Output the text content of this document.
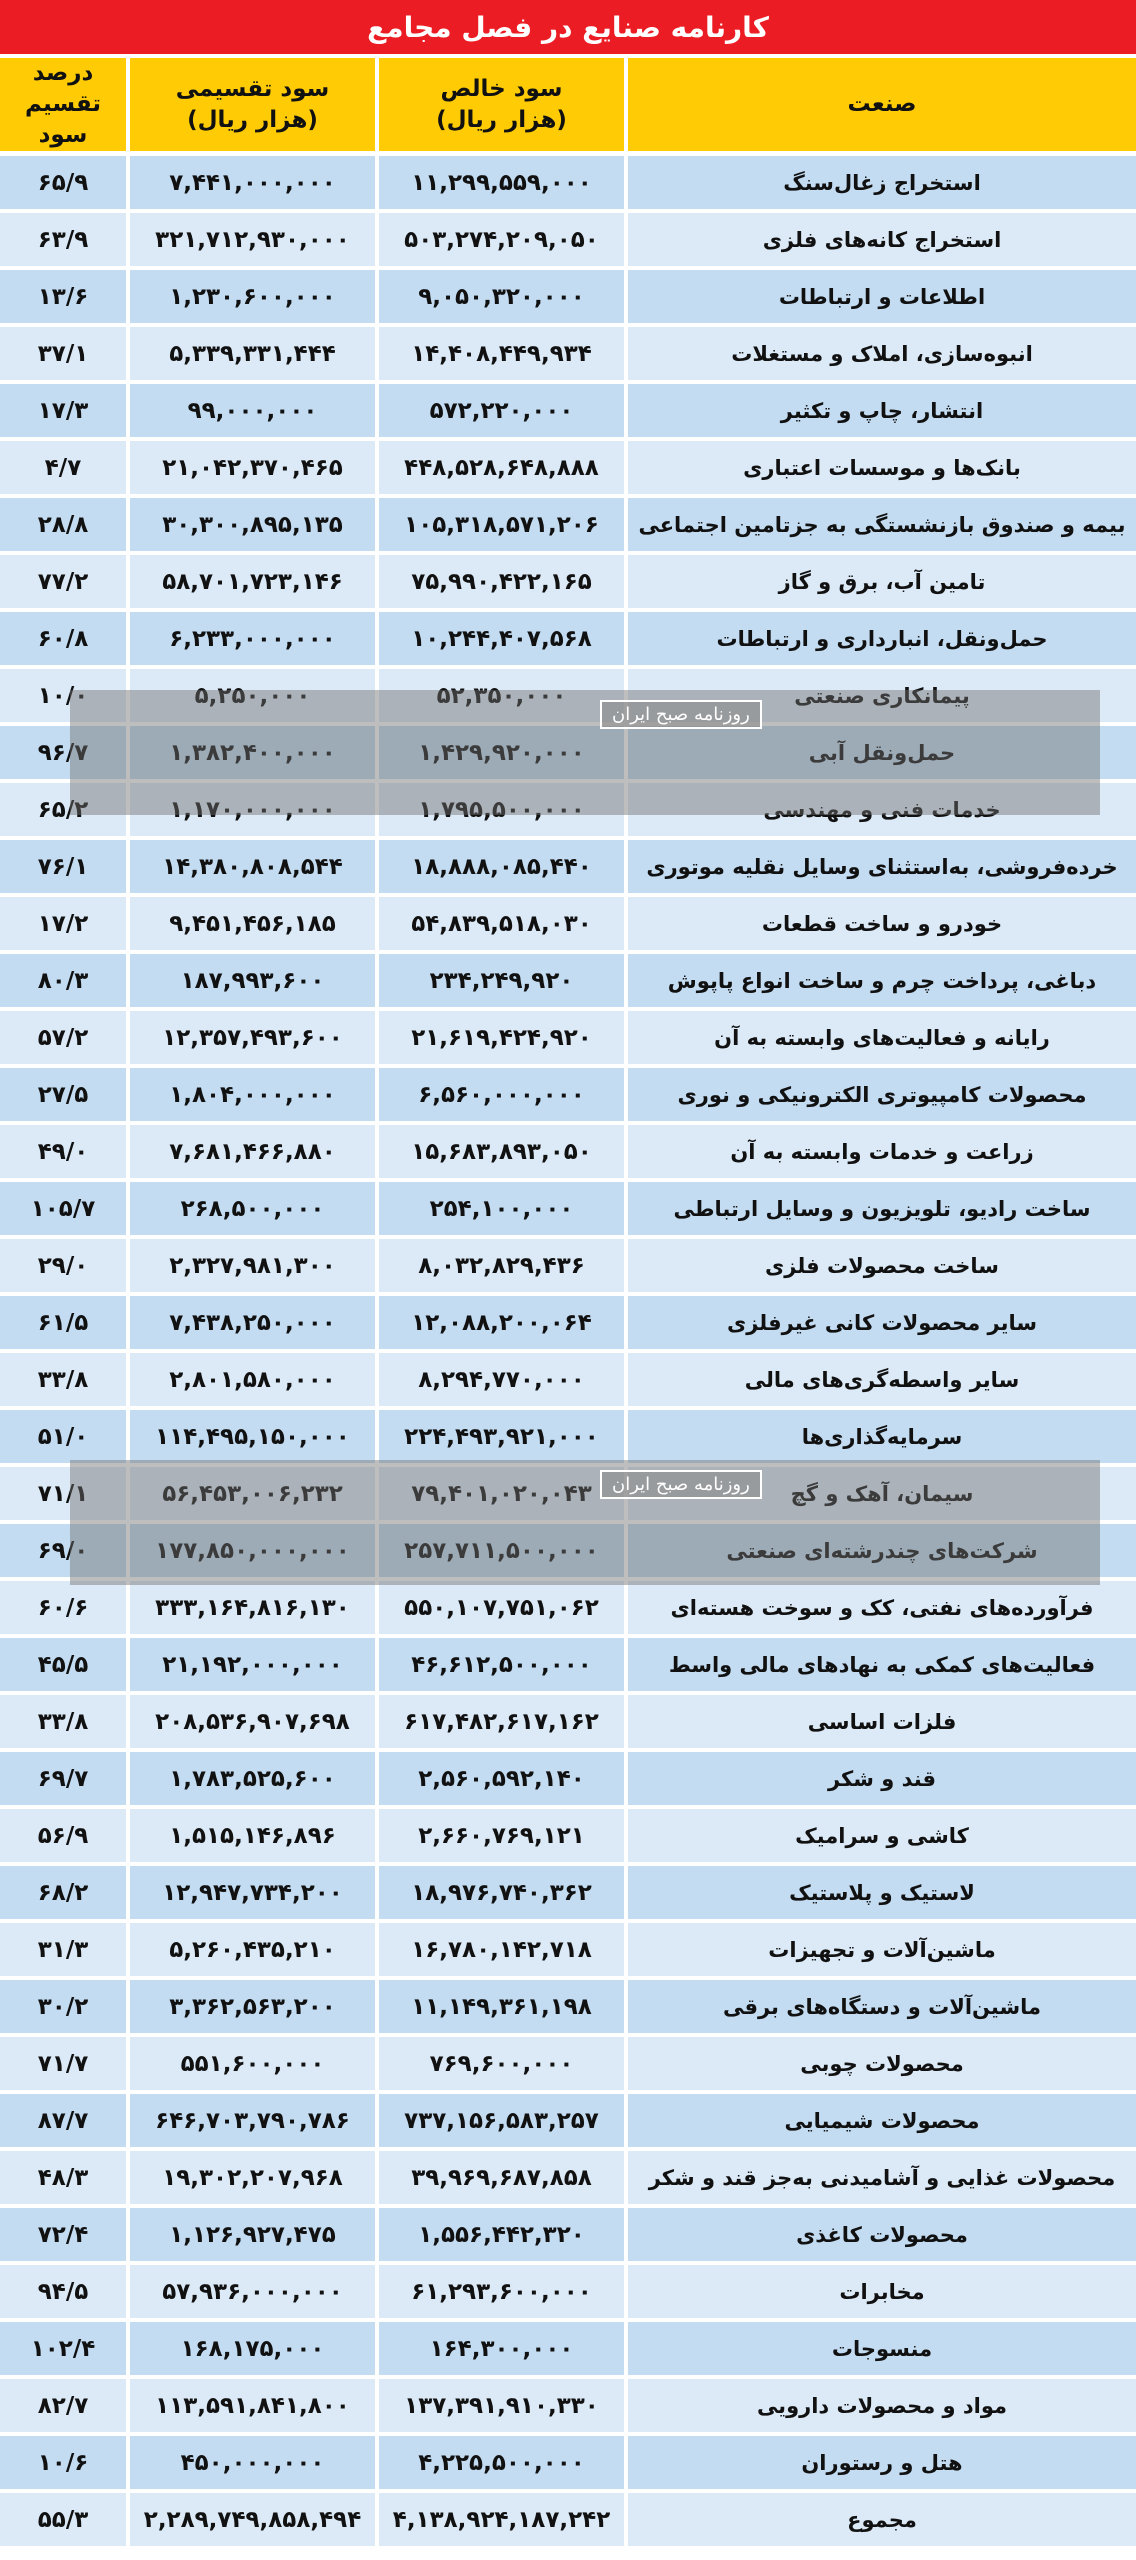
کارنامه صنایع در فصل مجامع
صنعت
سود خالص
(هزار ریال)
سود تقسیمی
(هزار ریال)
درصد
تقسیم سود
استخراج زغال‌سنگ
۱۱,۲۹۹,۵۵۹,۰۰۰
۷,۴۴۱,۰۰۰,۰۰۰
۶۵/۹
استخراج کانه‌های فلزی
۵۰۳,۲۷۴,۲۰۹,۰۵۰
۳۲۱,۷۱۲,۹۳۰,۰۰۰
۶۳/۹
اطلاعات و ارتباطات
۹,۰۵۰,۳۲۰,۰۰۰
۱,۲۳۰,۶۰۰,۰۰۰
۱۳/۶
انبوه‌سازی، املاک و مستغلات
۱۴,۴۰۸,۴۴۹,۹۳۴
۵,۳۳۹,۳۳۱,۴۴۴
۳۷/۱
انتشار، چاپ و تکثیر
۵۷۲,۲۲۰,۰۰۰
۹۹,۰۰۰,۰۰۰
۱۷/۳
بانک‌ها و موسسات اعتباری
۴۴۸,۵۲۸,۶۴۸,۸۸۸
۲۱,۰۴۲,۳۷۰,۴۶۵
۴/۷
بیمه و صندوق بازنشستگی به جزتامین اجتماعی
۱۰۵,۳۱۸,۵۷۱,۲۰۶
۳۰,۳۰۰,۸۹۵,۱۳۵
۲۸/۸
تامین آب، برق و گاز
۷۵,۹۹۰,۴۲۲,۱۶۵
۵۸,۷۰۱,۷۲۳,۱۴۶
۷۷/۲
حمل‌ونقل، انبارداری و ارتباطات
۱۰,۲۴۴,۴۰۷,۵۶۸
۶,۲۳۳,۰۰۰,۰۰۰
۶۰/۸
پیمانکاری صنعتی
۵۲,۳۵۰,۰۰۰
۵,۲۵۰,۰۰۰
۱۰/۰
حمل‌ونقل آبی
۱,۴۲۹,۹۲۰,۰۰۰
۱,۳۸۲,۴۰۰,۰۰۰
۹۶/۷
خدمات فنی و مهندسی
۱,۷۹۵,۵۰۰,۰۰۰
۱,۱۷۰,۰۰۰,۰۰۰
۶۵/۲
خرده‌فروشی، به‌استثنای وسایل نقلیه موتوری
۱۸,۸۸۸,۰۸۵,۴۴۰
۱۴,۳۸۰,۸۰۸,۵۴۴
۷۶/۱
خودرو و ساخت قطعات
۵۴,۸۳۹,۵۱۸,۰۳۰
۹,۴۵۱,۴۵۶,۱۸۵
۱۷/۲
دباغی، پرداخت چرم و ساخت انواع پاپوش
۲۳۴,۲۴۹,۹۲۰
۱۸۷,۹۹۳,۶۰۰
۸۰/۳
رایانه و فعالیت‌های وابسته به آن
۲۱,۶۱۹,۴۲۴,۹۲۰
۱۲,۳۵۷,۴۹۳,۶۰۰
۵۷/۲
محصولات کامپیوتری الکترونیکی و نوری
۶,۵۶۰,۰۰۰,۰۰۰
۱,۸۰۴,۰۰۰,۰۰۰
۲۷/۵
زراعت و خدمات وابسته به آن
۱۵,۶۸۳,۸۹۳,۰۵۰
۷,۶۸۱,۴۶۶,۸۸۰
۴۹/۰
ساخت رادیو، تلویزیون و وسایل ارتباطی
۲۵۴,۱۰۰,۰۰۰
۲۶۸,۵۰۰,۰۰۰
۱۰۵/۷
ساخت محصولات فلزی
۸,۰۳۲,۸۲۹,۴۳۶
۲,۳۲۷,۹۸۱,۳۰۰
۲۹/۰
سایر محصولات کانی غیرفلزی
۱۲,۰۸۸,۲۰۰,۰۶۴
۷,۴۳۸,۲۵۰,۰۰۰
۶۱/۵
سایر واسطه‌گری‌های مالی
۸,۲۹۴,۷۷۰,۰۰۰
۲,۸۰۱,۵۸۰,۰۰۰
۳۳/۸
سرمایه‌گذاری‌ها
۲۲۴,۴۹۳,۹۲۱,۰۰۰
۱۱۴,۴۹۵,۱۵۰,۰۰۰
۵۱/۰
سیمان، آهک و گچ
۷۹,۴۰۱,۰۲۰,۰۴۳
۵۶,۴۵۳,۰۰۶,۲۳۲
۷۱/۱
شرکت‌های چندرشته‌ای صنعتی
۲۵۷,۷۱۱,۵۰۰,۰۰۰
۱۷۷,۸۵۰,۰۰۰,۰۰۰
۶۹/۰
فرآورده‌های نفتی، کک و سوخت هسته‌ای
۵۵۰,۱۰۷,۷۵۱,۰۶۲
۳۳۳,۱۶۴,۸۱۶,۱۳۰
۶۰/۶
فعالیت‌های کمکی به نهادهای مالی واسط
۴۶,۶۱۲,۵۰۰,۰۰۰
۲۱,۱۹۲,۰۰۰,۰۰۰
۴۵/۵
فلزات اساسی
۶۱۷,۴۸۲,۶۱۷,۱۶۲
۲۰۸,۵۳۶,۹۰۷,۶۹۸
۳۳/۸
قند و شکر
۲,۵۶۰,۵۹۲,۱۴۰
۱,۷۸۳,۵۲۵,۶۰۰
۶۹/۷
کاشی و سرامیک
۲,۶۶۰,۷۶۹,۱۲۱
۱,۵۱۵,۱۴۶,۸۹۶
۵۶/۹
لاستیک و پلاستیک
۱۸,۹۷۶,۷۴۰,۳۶۲
۱۲,۹۴۷,۷۳۴,۲۰۰
۶۸/۲
ماشین‌آلات و تجهیزات
۱۶,۷۸۰,۱۴۲,۷۱۸
۵,۲۶۰,۴۳۵,۲۱۰
۳۱/۳
ماشین‌آلات و دستگاه‌های برقی
۱۱,۱۴۹,۳۶۱,۱۹۸
۳,۳۶۲,۵۶۳,۲۰۰
۳۰/۲
محصولات چوبی
۷۶۹,۶۰۰,۰۰۰
۵۵۱,۶۰۰,۰۰۰
۷۱/۷
محصولات شیمیایی
۷۳۷,۱۵۶,۵۸۳,۲۵۷
۶۴۶,۷۰۳,۷۹۰,۷۸۶
۸۷/۷
محصولات غذایی و آشامیدنی به‌جز قند و شکر
۳۹,۹۶۹,۶۸۷,۸۵۸
۱۹,۳۰۲,۲۰۷,۹۶۸
۴۸/۳
محصولات کاغذی
۱,۵۵۶,۴۴۲,۳۲۰
۱,۱۲۶,۹۲۷,۴۷۵
۷۲/۴
مخابرات
۶۱,۲۹۳,۶۰۰,۰۰۰
۵۷,۹۳۶,۰۰۰,۰۰۰
۹۴/۵
منسوجات
۱۶۴,۳۰۰,۰۰۰
۱۶۸,۱۷۵,۰۰۰
۱۰۲/۴
مواد و محصولات دارویی
۱۳۷,۳۹۱,۹۱۰,۳۳۰
۱۱۳,۵۹۱,۸۴۱,۸۰۰
۸۲/۷
هتل و رستوران
۴,۲۲۵,۵۰۰,۰۰۰
۴۵۰,۰۰۰,۰۰۰
۱۰/۶
مجموع
۴,۱۳۸,۹۲۴,۱۸۷,۲۴۲
۲,۲۸۹,۷۴۹,۸۵۸,۴۹۴
۵۵/۳
روزنامه صبح ایران
روزنامه صبح ایران
